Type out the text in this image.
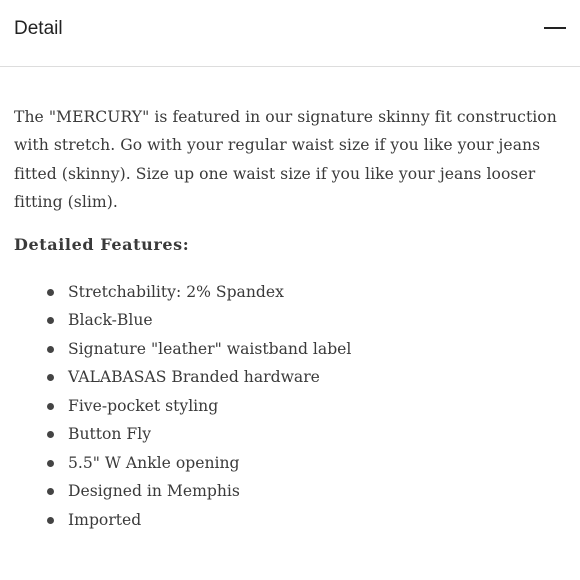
Detail

The "MERCURY" is featured in our signature skinny fit construction with stretch. Go with your regular waist size if you like your jeans fitted (skinny). Size up one waist size if you like your jeans looser fitting (slim).

Detailed Features:
Stretchability: 2% Spandex
Black-Blue
Signature "leather" waistband label
VALABASAS Branded hardware
Five-pocket styling
Button Fly
5.5" W Ankle opening
Designed in Memphis
Imported
